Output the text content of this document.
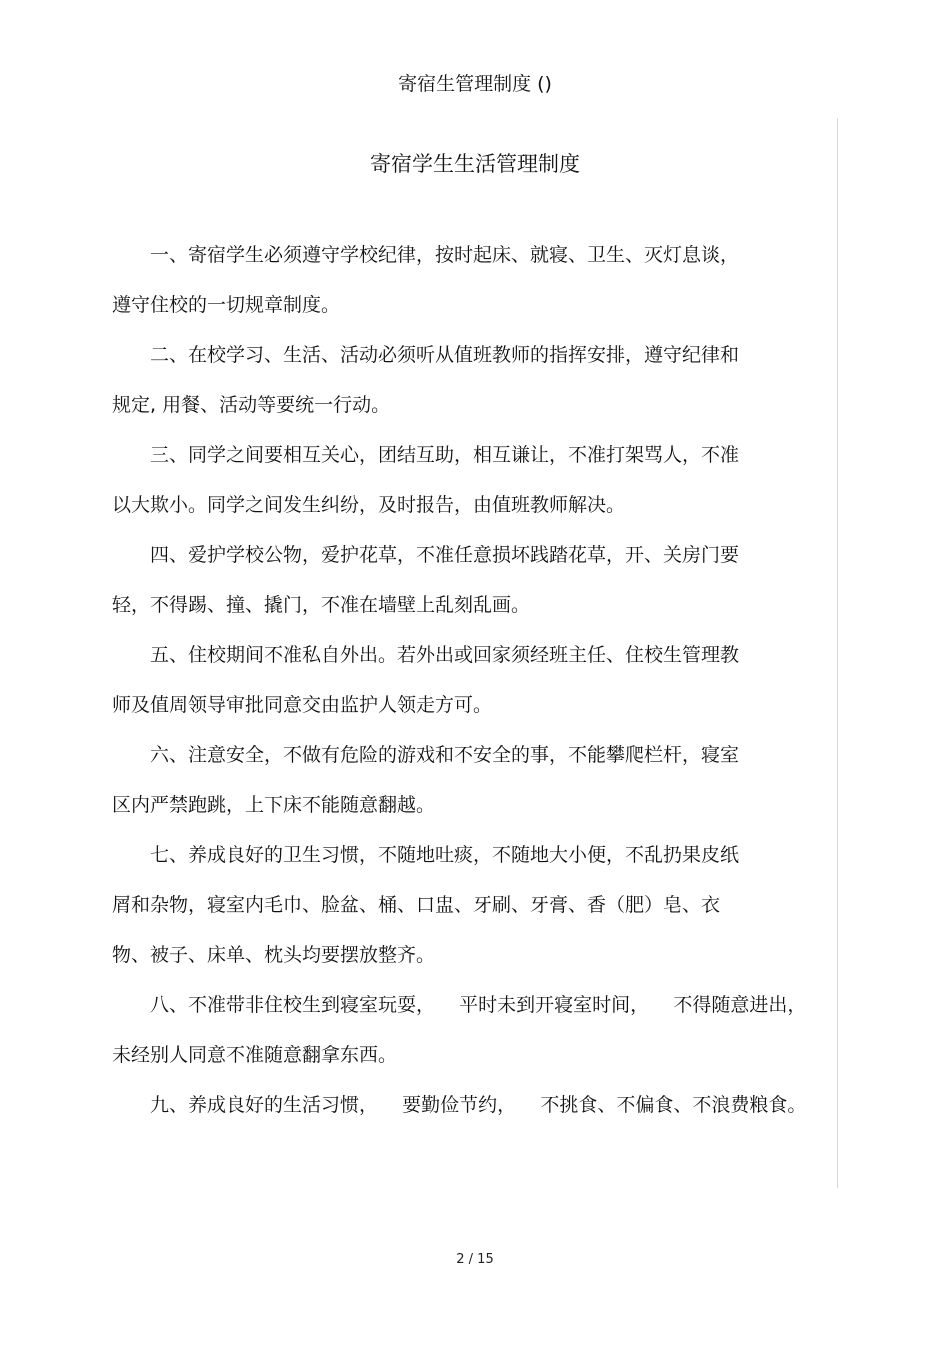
寄宿生管理制度 ()
寄宿学生生活管理制度
一、寄宿学生必须遵守学校纪律，按时起床、就寝、卫生、灭灯息谈，
遵守住校的一切规章制度。
二、在校学习、生活、活动必须听从值班教师的指挥安排，遵守纪律和
规定, 用餐、活动等要统一行动。
三、同学之间要相互关心，团结互助，相互谦让，不准打架骂人，不准
以大欺小。同学之间发生纠纷，及时报告，由值班教师解决。
四、爱护学校公物，爱护花草，不准任意损坏践踏花草，开、关房门要
轻，不得踢、撞、撬门，不准在墙壁上乱刻乱画。
五、住校期间不准私自外出。若外出或回家须经班主任、住校生管理教
师及值周领导审批同意交由监护人领走方可。
六、注意安全，不做有危险的游戏和不安全的事，不能攀爬栏杆，寝室
区内严禁跑跳，上下床不能随意翻越。
七、养成良好的卫生习惯，不随地吐痰，不随地大小便，不乱扔果皮纸
屑和杂物，寝室内毛巾、脸盆、桶、口盅、牙刷、牙膏、香（肥）皂、衣
物、被子、床单、枕头均要摆放整齐。
八、不准带非住校生到寝室玩耍，    平时未到开寝室时间，    不得随意进出，
未经别人同意不准随意翻拿东西。
九、养成良好的生活习惯，    要勤俭节约，    不挑食、不偏食、不浪费粮食。
2 / 15
